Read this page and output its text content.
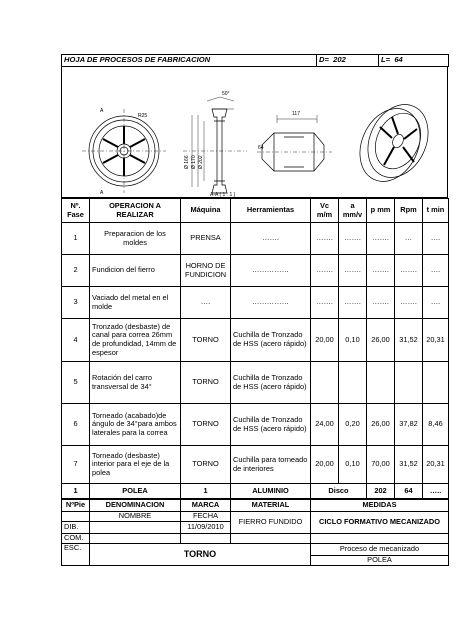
HOJA DE PROCESOS DE FABRICACION	D= 202	L= 64
A
A
R25
50°
117
64
Ø 166 Ø 170 Ø 202
A-A ( 1 : 1 )
Nº. Fase	OPERACION A REALIZAR	Máquina	Herramientas	Vc m/m	a mm/v	p mm	Rpm	t min
1	Preparacion de los moldes	PRENSA	…….	…….	…….	…….	…	….
2	Fundicion del fierro	HORNO DE FUNDICION	……………	…….	…….	…….	…….	….
3	Vaciado del metal en el molde	….	……………	…….	…….	…….	…….	….
4	Tronzado (desbaste) de canal para correa 26mm de profundidad, 14mm de espesor	TORNO	Cuchilla de Tronzado de HSS (acero rápido)	20,00	0,10	26,00	31,52	20,31
5	Rotación del carro transversal de 34°	TORNO	Cuchilla de Tronzado de HSS (acero rápido)					
6	Torneado (acabado)de ángulo de 34°para ambos laterales para la correa	TORNO	Cuchilla de Tronzado de HSS (acero rápido)	24,00	0,20	26,00	37,82	8,46
7	Torneado (desbaste) interior para el eje de la polea	TORNO	Cuchilla para torneado de interiores	20,00	0,10	70,00	31,52	20,31
1	POLEA	1	ALUMINIO	Disco		202	64	…..
NºPie	DENOMINACION	MARCA	MATERIAL	MEDIDAS
	NOMBRE	FECHA	FIERRO FUNDIDO	CICLO FORMATIVO MECANIZADO
DIB.		11/09/2010		
COM.				
ESC.	TORNO			Proceso de mecanizado
				POLEA
